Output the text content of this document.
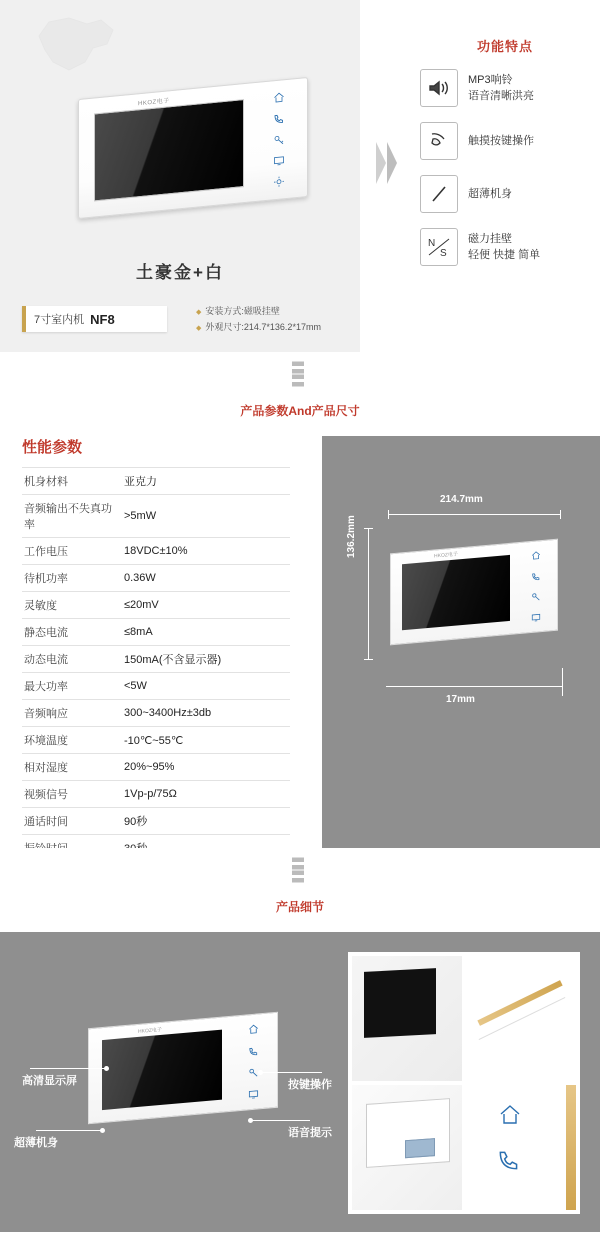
HKOZ电子
土豪金+白
7寸室内机 NF8
◆ 安装方式:磁吸挂壁
◆ 外观尺寸:214.7*136.2*17mm
功能特点
MP3响铃
语音清晰洪亮
触摸按键操作
超薄机身
N
S
磁力挂壁
轻便 快捷 简单
〓
〓
产品参数And产品尺寸
性能参数
机身材料	亚克力
音频输出不失真功率	>5mW
工作电压	18VDC±10%
待机功率	0.36W
灵敏度	≤20mV
静态电流	≤8mA
动态电流	150mA(不含显示器)
最大功率	<5W
音频响应	300~3400Hz±3db
环境温度	-10℃~55℃
相对湿度	20%~95%
视频信号	1Vp-p/75Ω
通话时间	90秒

214.7mm
136.2mm
17mm
HKOZ电子
〓
〓
产品细节
HKOZ电子
高清显示屏
超薄机身
按键操作
语音提示
